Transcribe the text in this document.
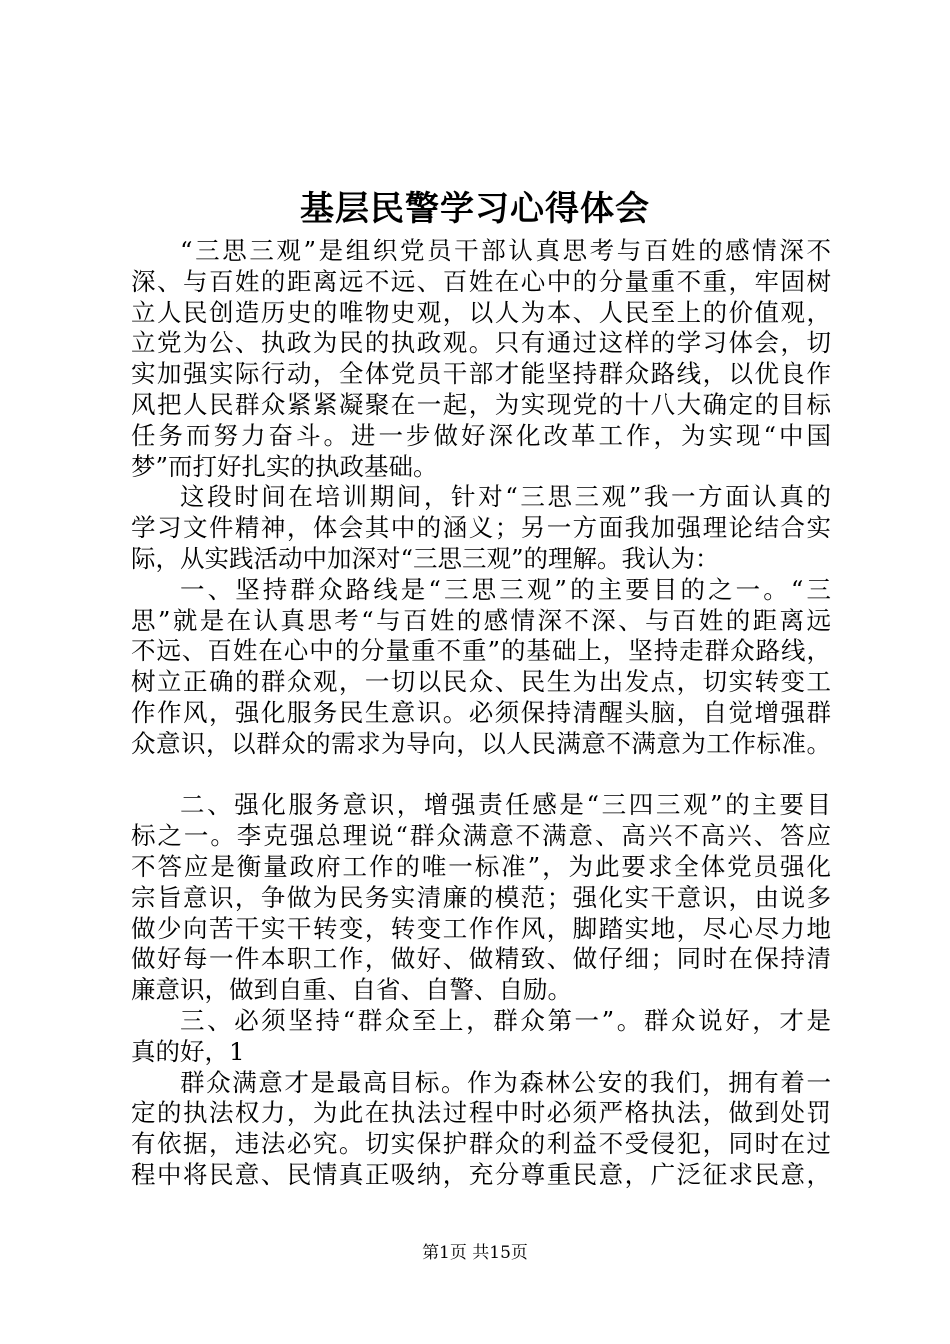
基层民警学习心得体会
“三思三观”是组织党员干部认真思考与百姓的感情深不
深、与百姓的距离远不远、百姓在心中的分量重不重，牢固树
立人民创造历史的唯物史观，以人为本、人民至上的价值观，
立党为公、执政为民的执政观。只有通过这样的学习体会，切
实加强实际行动，全体党员干部才能坚持群众路线，以优良作
风把人民群众紧紧凝聚在一起，为实现党的十八大确定的目标
任务而努力奋斗。进一步做好深化改革工作，为实现“中国
梦”而打好扎实的执政基础。
这段时间在培训期间，针对“三思三观”我一方面认真的
学习文件精神，体会其中的涵义；另一方面我加强理论结合实
际，从实践活动中加深对“三思三观”的理解。我认为：
一、坚持群众路线是“三思三观”的主要目的之一。“三
思”就是在认真思考“与百姓的感情深不深、与百姓的距离远
不远、百姓在心中的分量重不重”的基础上，坚持走群众路线，
树立正确的群众观，一切以民众、民生为出发点，切实转变工
作作风，强化服务民生意识。必须保持清醒头脑，自觉增强群
众意识，以群众的需求为导向，以人民满意不满意为工作标准。
二、强化服务意识，增强责任感是“三四三观”的主要目
标之一。李克强总理说“群众满意不满意、高兴不高兴、答应
不答应是衡量政府工作的唯一标准”，为此要求全体党员强化
宗旨意识，争做为民务实清廉的模范；强化实干意识，由说多
做少向苦干实干转变，转变工作作风，脚踏实地，尽心尽力地
做好每一件本职工作，做好、做精致、做仔细；同时在保持清
廉意识，做到自重、自省、自警、自励。
三、必须坚持“群众至上，群众第一”。群众说好，才是
真的好，1
群众满意才是最高目标。作为森林公安的我们，拥有着一
定的执法权力，为此在执法过程中时必须严格执法，做到处罚
有依据，违法必究。切实保护群众的利益不受侵犯，同时在过
程中将民意、民情真正吸纳，充分尊重民意，广泛征求民意，
第1页 共15页
